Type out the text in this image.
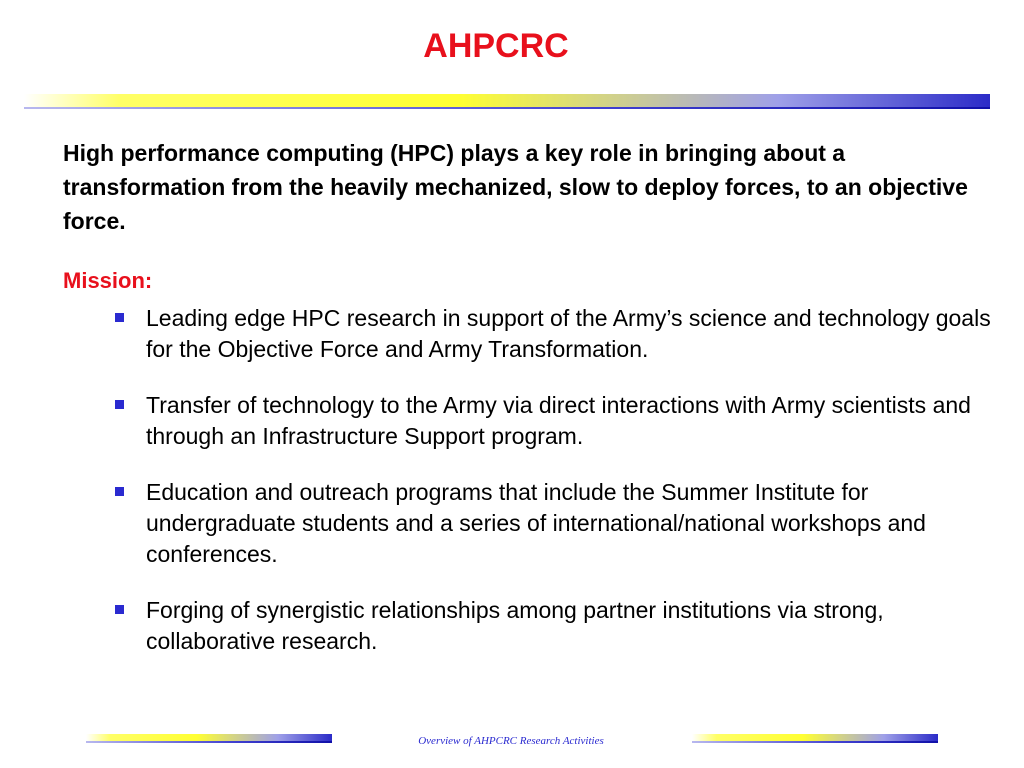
AHPCRC
High performance computing (HPC) plays a key role in bringing about a transformation from the heavily mechanized, slow to deploy forces, to an objective force.
Mission:
Leading edge HPC research in support of the Army’s science and technology goals for the Objective Force and Army Transformation.
Transfer of technology to the Army via direct interactions with Army scientists and through an Infrastructure Support program.
Education and outreach programs that include the Summer Institute for undergraduate students and a series of international/national workshops and conferences.
Forging of synergistic relationships among partner institutions via strong, collaborative research.
Overview of AHPCRC Research Activities
